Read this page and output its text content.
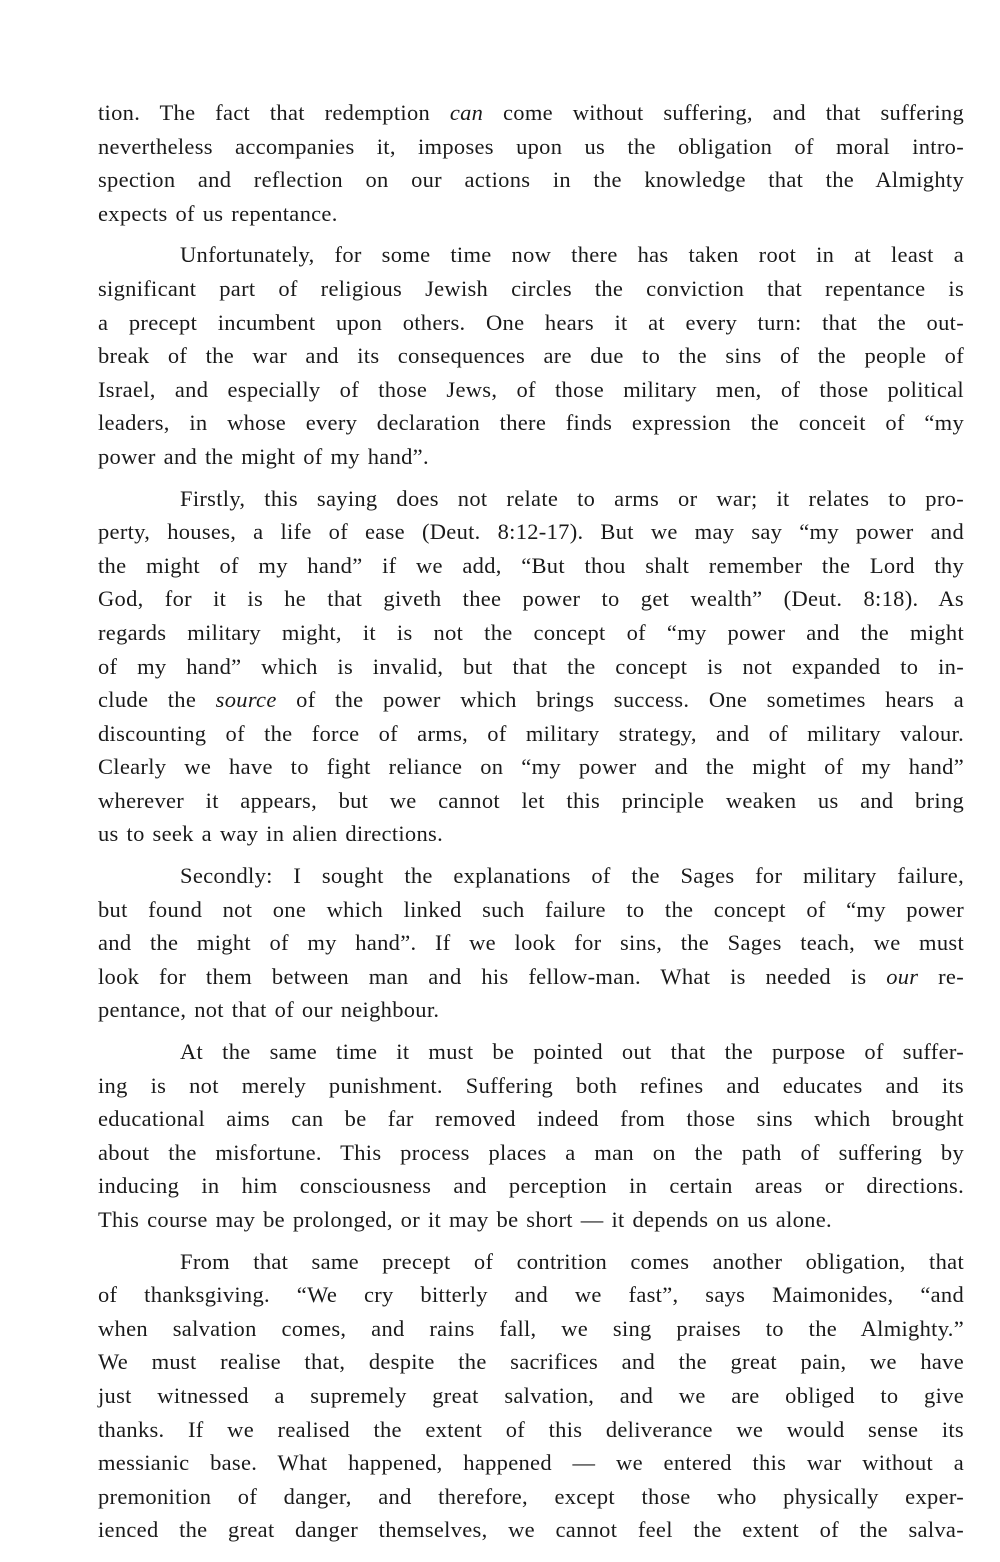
tion. The fact that redemption can come without suffering, and that suffering
nevertheless accompanies it, imposes upon us the obligation of moral intro-
spection and reflection on our actions in the knowledge that the Almighty
expects of us repentance.

Unfortunately, for some time now there has taken root in at least a
significant part of religious Jewish circles the conviction that repentance is
a precept incumbent upon others. One hears it at every turn: that the out-
break of the war and its consequences are due to the sins of the people of
Israel, and especially of those Jews, of those military men, of those political
leaders, in whose every declaration there finds expression the conceit of “my
power and the might of my hand”.

Firstly, this saying does not relate to arms or war; it relates to pro-
perty, houses, a life of ease (Deut. 8:12-17). But we may say “my power and
the might of my hand” if we add, “But thou shalt remember the Lord thy
God, for it is he that giveth thee power to get wealth” (Deut. 8:18). As
regards military might, it is not the concept of “my power and the might
of my hand” which is invalid, but that the concept is not expanded to in-
clude the source of the power which brings success. One sometimes hears a
discounting of the force of arms, of military strategy, and of military valour.
Clearly we have to fight reliance on “my power and the might of my hand”
wherever it appears, but we cannot let this principle weaken us and bring
us to seek a way in alien directions.

Secondly: I sought the explanations of the Sages for military failure,
but found not one which linked such failure to the concept of “my power
and the might of my hand”. If we look for sins, the Sages teach, we must
look for them between man and his fellow-man. What is needed is our re-
pentance, not that of our neighbour.

At the same time it must be pointed out that the purpose of suffer-
ing is not merely punishment. Suffering both refines and educates and its
educational aims can be far removed indeed from those sins which brought
about the misfortune. This process places a man on the path of suffering by
inducing in him consciousness and perception in certain areas or directions.
This course may be prolonged, or it may be short — it depends on us alone.

From that same precept of contrition comes another obligation, that
of thanksgiving. “We cry bitterly and we fast”, says Maimonides, “and
when salvation comes, and rains fall, we sing praises to the Almighty.”
We must realise that, despite the sacrifices and the great pain, we have
just witnessed a supremely great salvation, and we are obliged to give
thanks. If we realised the extent of this deliverance we would sense its
messianic base. What happened, happened — we entered this war without a
premonition of danger, and therefore, except those who physically exper-
ienced the great danger themselves, we cannot feel the extent of the salva-
